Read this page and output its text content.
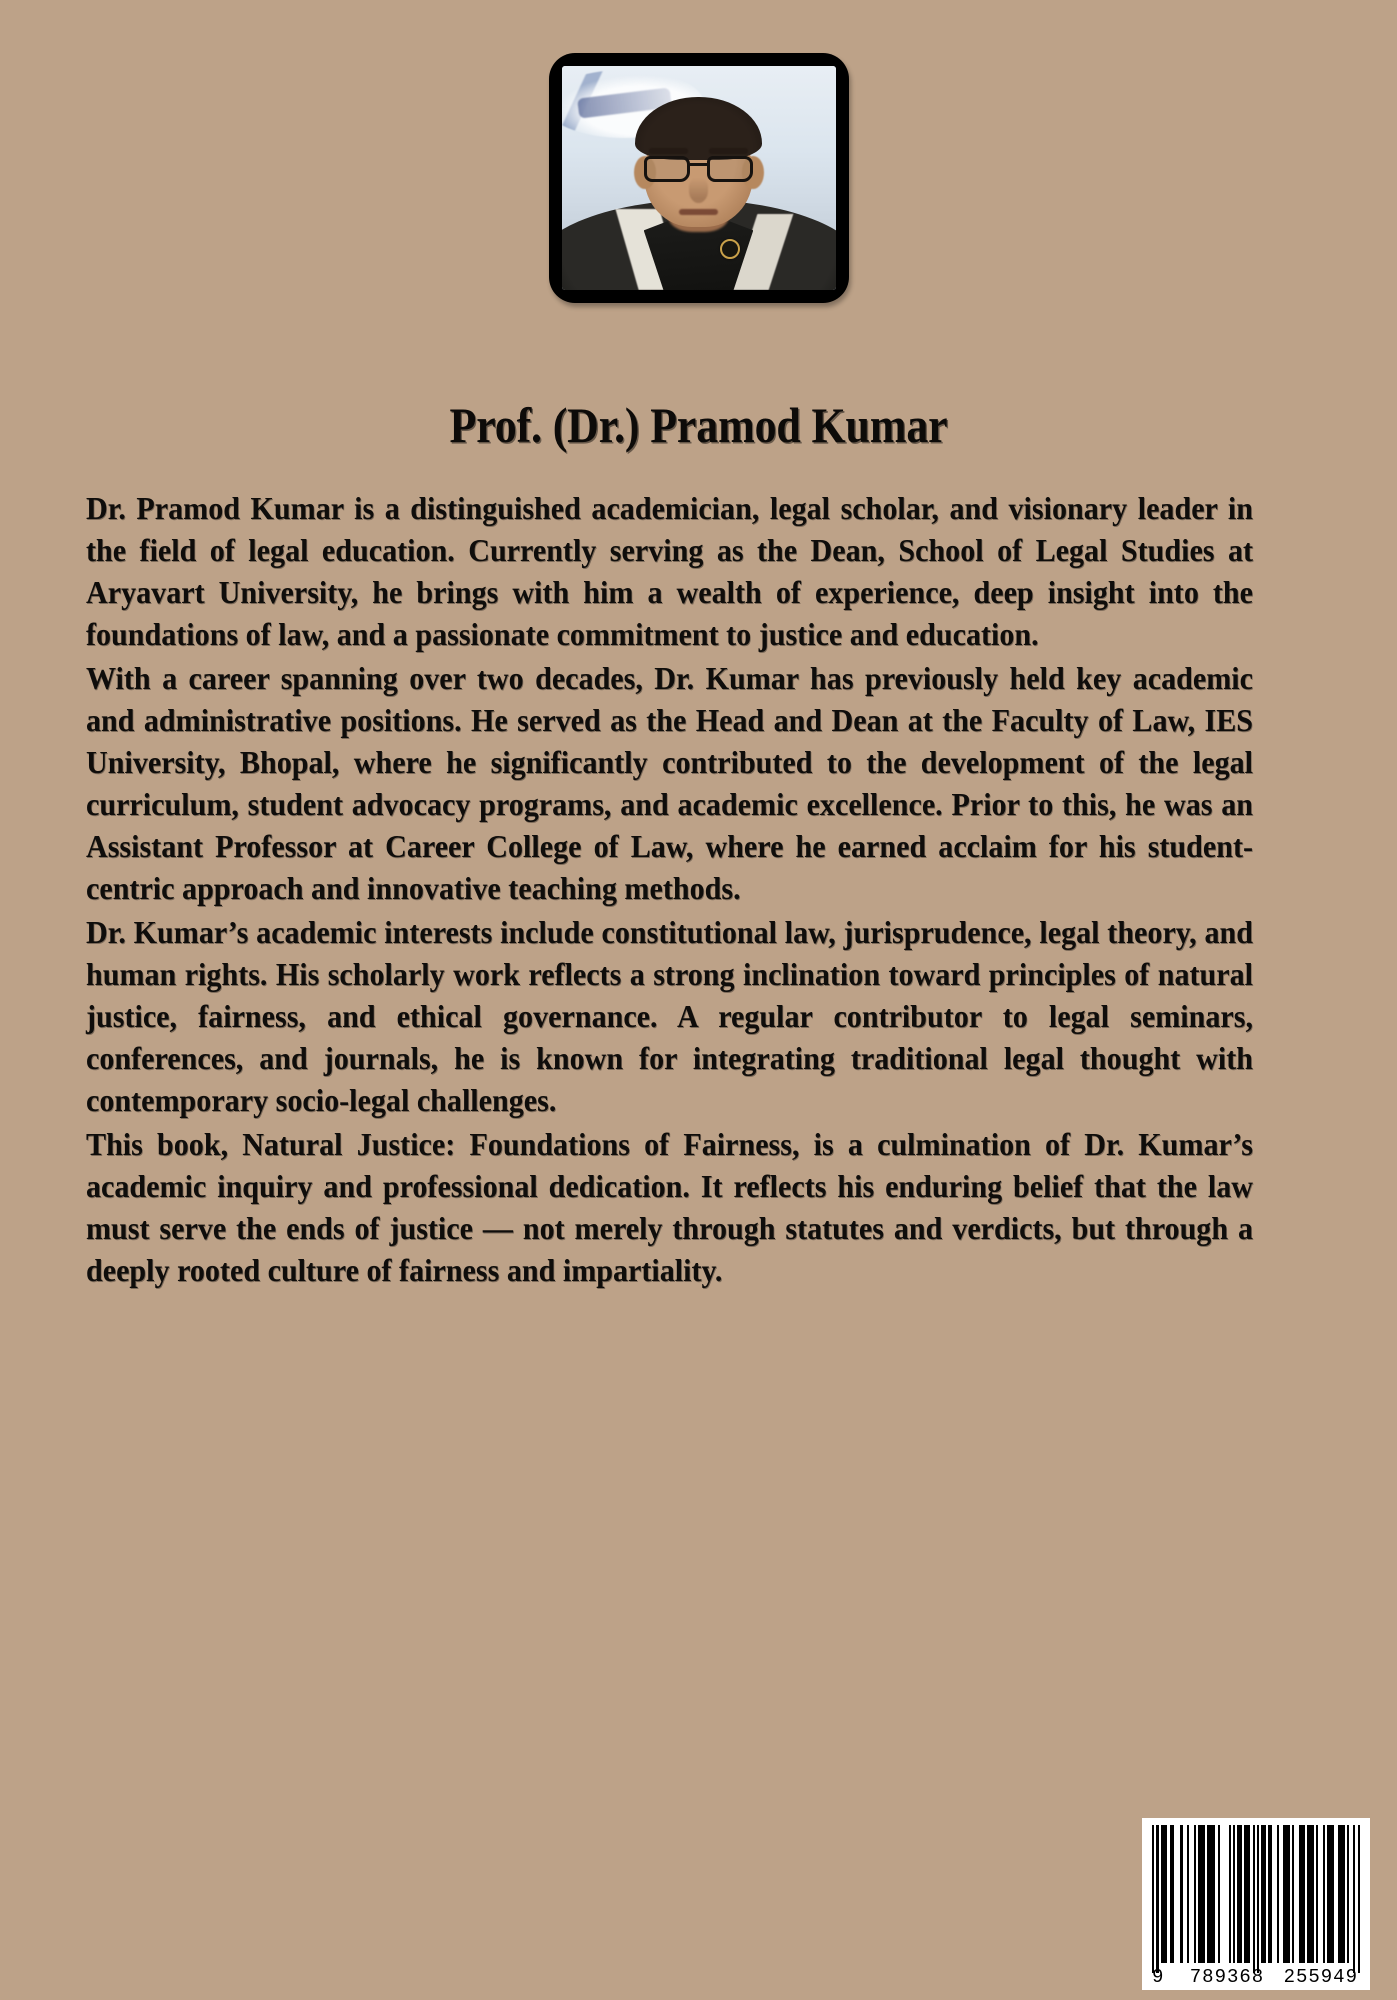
Prof. (Dr.) Pramod Kumar

Dr. Pramod Kumar is a distinguished academician, legal scholar, and visionary leader in the field of legal education. Currently serving as the Dean, School of Legal Studies at Aryavart University, he brings with him a wealth of experience, deep insight into the foundations of law, and a passionate commitment to justice and education.

With a career spanning over two decades, Dr. Kumar has previously held key academic and administrative positions. He served as the Head and Dean at the Faculty of Law, IES University, Bhopal, where he significantly contributed to the development of the legal curriculum, student advocacy programs, and academic excellence. Prior to this, he was an Assistant Professor at Career College of Law, where he earned acclaim for his student-centric approach and innovative teaching methods.

Dr. Kumar’s academic interests include constitutional law, jurisprudence, legal theory, and human rights. His scholarly work reflects a strong inclination toward principles of natural justice, fairness, and ethical governance. A regular contributor to legal seminars, conferences, and journals, he is known for integrating traditional legal thought with contemporary socio-legal challenges.

This book, Natural Justice: Foundations of Fairness, is a culmination of Dr. Kumar’s academic inquiry and professional dedication. It reflects his enduring belief that the law must serve the ends of justice — not merely through statutes and verdicts, but through a deeply rooted culture of fairness and impartiality.

9 789368 255949
